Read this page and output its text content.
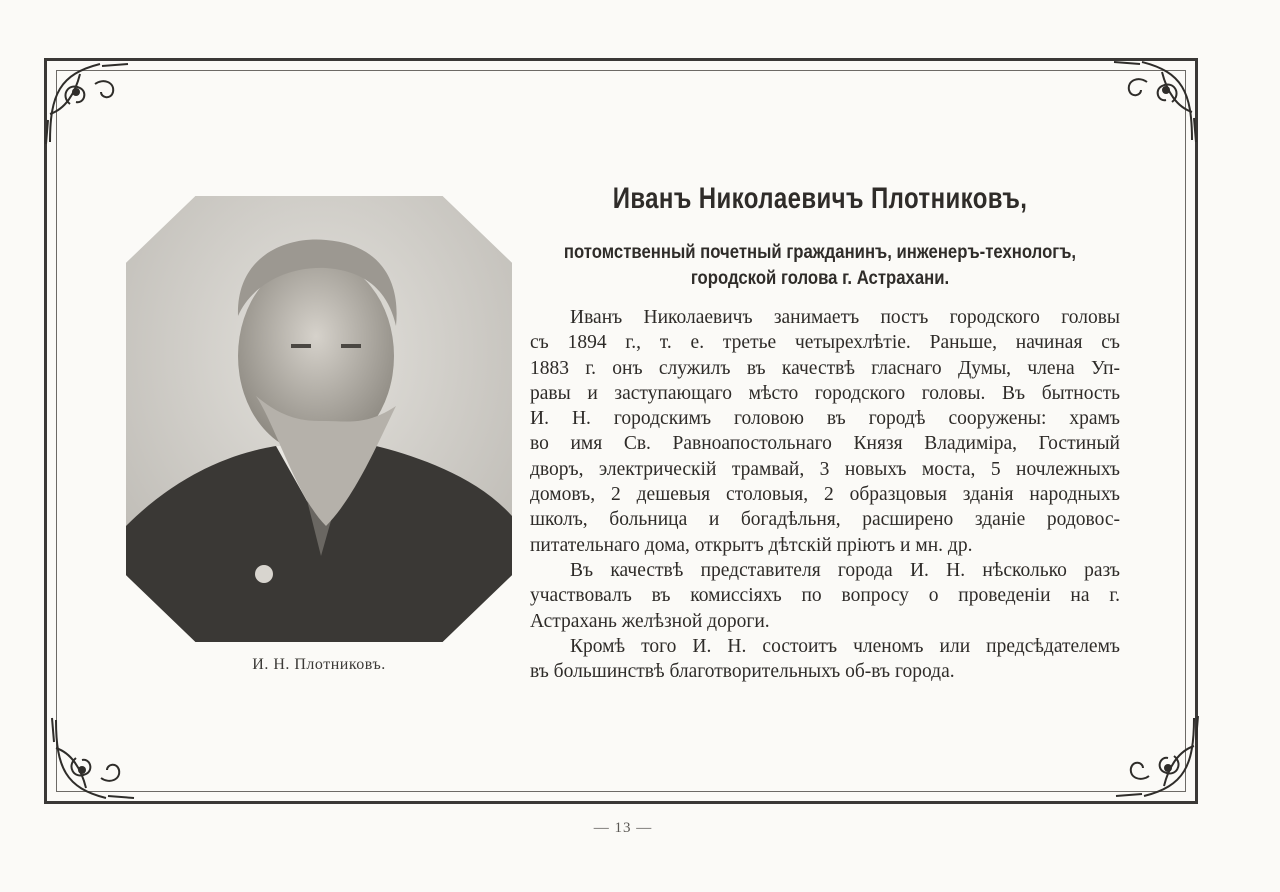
И. Н. Плотниковъ.
Иванъ Николаевичъ Плотниковъ,
потомственный почетный гражданинъ, инженеръ-технологъ,
городской голова г. Астрахани.
Иванъ Николаевичъ занимаетъ постъ городского головы
съ 1894 г., т. е. третье четырехлѣтіе. Раньше, начиная съ
1883 г. онъ служилъ въ качествѣ гласнаго Думы, члена Уп-
равы и заступающаго мѣсто городского головы. Въ бытность
И. Н. городскимъ головою въ городѣ сооружены: храмъ
во имя Св. Равноапостольнаго Князя Владиміра, Гостиный
дворъ, электрическій трамвай, 3 новыхъ моста, 5 ночлежныхъ
домовъ, 2 дешевыя столовыя, 2 образцовыя зданія народныхъ
школъ, больница и богадѣльня, расширено зданіе родовос-
питательнаго дома, открытъ дѣтскій пріютъ и мн. др.
Въ качествѣ представителя города И. Н. нѣсколько разъ
участвовалъ въ комиссіяхъ по вопросу о проведеніи на г.
Астрахань желѣзной дороги.
Кромѣ того И. Н. состоитъ членомъ или предсѣдателемъ
въ большинствѣ благотворительныхъ об-въ города.
— 13 —
